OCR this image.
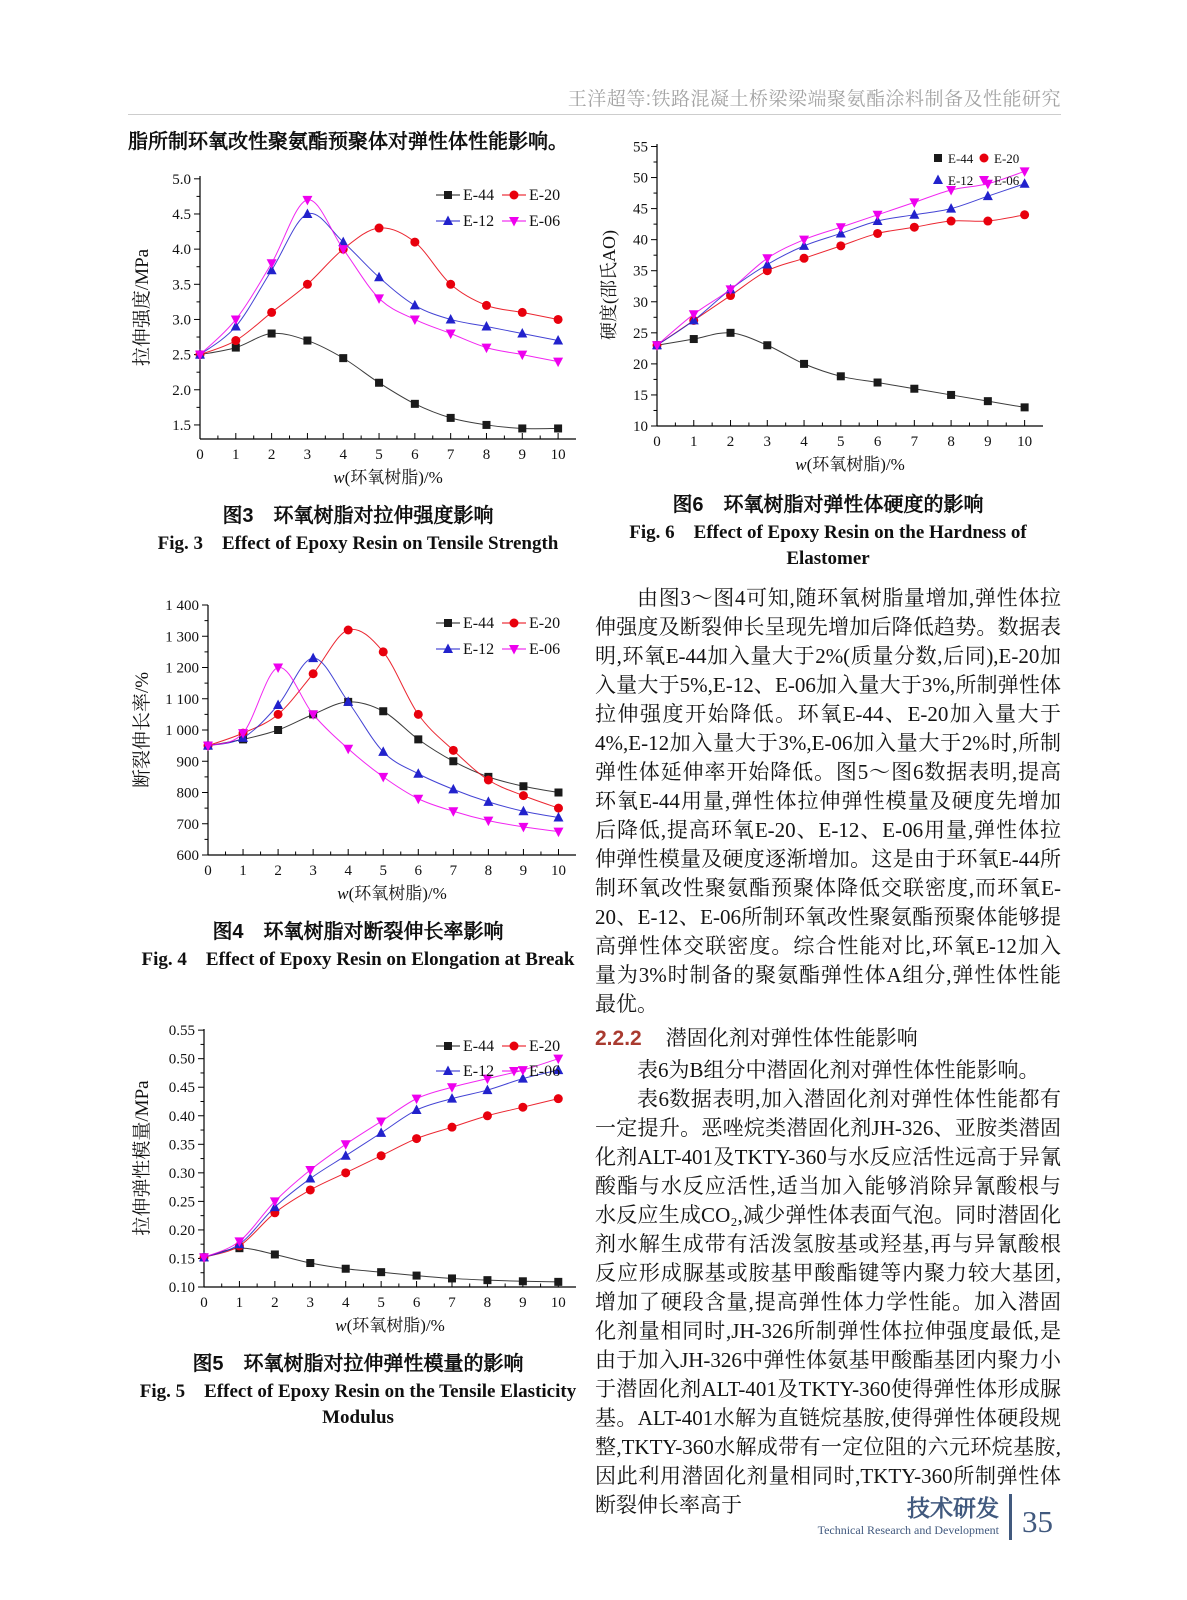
王洋超等:铁路混凝土桥梁梁端聚氨酯涂料制备及性能研究

脂所制环氧改性聚氨酯预聚体对弹性体性能影响。

1.5
2.0
2.5
3.0
3.5
4.0
4.5
5.0
0 1 2 3 4 5 6 7 8 9 10
w(环氧树脂)/%
拉伸强度/MPa
E-44 E-20
E-12 E-06
图3　环氧树脂对拉伸强度影响
Fig. 3　Effect of Epoxy Resin on Tensile Strength
600
700
800
900
1 000
1 100
1 200
1 300
1 400
0 1 2 3 4 5 6 7 8 9 10
w(环氧树脂)/%
断裂伸长率/%
E-44 E-20
E-12 E-06
图4　环氧树脂对断裂伸长率影响
Fig. 4　Effect of Epoxy Resin on Elongation at Break
0.10
0.15
0.20
0.25
0.30
0.35
0.40
0.45
0.50
0.55
0 1 2 3 4 5 6 7 8 9 10
w(环氧树脂)/%
拉伸弹性模量/MPa
E-44 E-20
E-12 E-06
图5　环氧树脂对拉伸弹性模量的影响
Fig. 5　Effect of Epoxy Resin on the Tensile Elasticity Modulus
10
15
20
25
30
35
40
45
50
55
0 1 2 3 4 5 6 7 8 9 10
w(环氧树脂)/%
硬度(邵氏AO)
E-44 E-20
E-12 E-06
图6　环氧树脂对弹性体硬度的影响
Fig. 6　Effect of Epoxy Resin on the Hardness of Elastomer

由图3～图4可知,随环氧树脂量增加,弹性体拉伸强度及断裂伸长呈现先增加后降低趋势。数据表明,环氧E-44加入量大于2%(质量分数,后同),E-20加入量大于5%,E-12、E-06加入量大于3%,所制弹性体拉伸强度开始降低。环氧E-44、E-20加入量大于4%,E-12加入量大于3%,E-06加入量大于2%时,所制弹性体延伸率开始降低。图5～图6数据表明,提高环氧E-44用量,弹性体拉伸弹性模量及硬度先增加后降低,提高环氧E-20、E-12、E-06用量,弹性体拉伸弹性模量及硬度逐渐增加。这是由于环氧E-44所制环氧改性聚氨酯预聚体降低交联密度,而环氧E-20、E-12、E-06所制环氧改性聚氨酯预聚体能够提高弹性体交联密度。综合性能对比,环氧E-12加入量为3%时制备的聚氨酯弹性体A组分,弹性体性能最优。

2.2.2 潜固化剂对弹性体性能影响

表6为B组分中潜固化剂对弹性体性能影响。

表6数据表明,加入潜固化剂对弹性体性能都有一定提升。恶唑烷类潜固化剂JH-326、亚胺类潜固化剂ALT-401及TKTY-360与水反应活性远高于异氰酸酯与水反应活性,适当加入能够消除异氰酸根与水反应生成CO₂,减少弹性体表面气泡。同时潜固化剂水解生成带有活泼氢胺基或羟基,再与异氰酸根反应形成脲基或胺基甲酸酯键等内聚力较大基团,增加了硬段含量,提高弹性体力学性能。加入潜固化剂量相同时,JH-326所制弹性体拉伸强度最低,是由于加入JH-326中弹性体氨基甲酸酯基团内聚力小于潜固化剂ALT-401及TKTY-360使得弹性体形成脲基。ALT-401水解为直链烷基胺,使得弹性体硬段规整,TKTY-360水解成带有一定位阻的六元环烷基胺,因此利用潜固化剂量相同时,TKTY-360所制弹性体断裂伸长率高于	技术研发
Technical Research and Development 35
